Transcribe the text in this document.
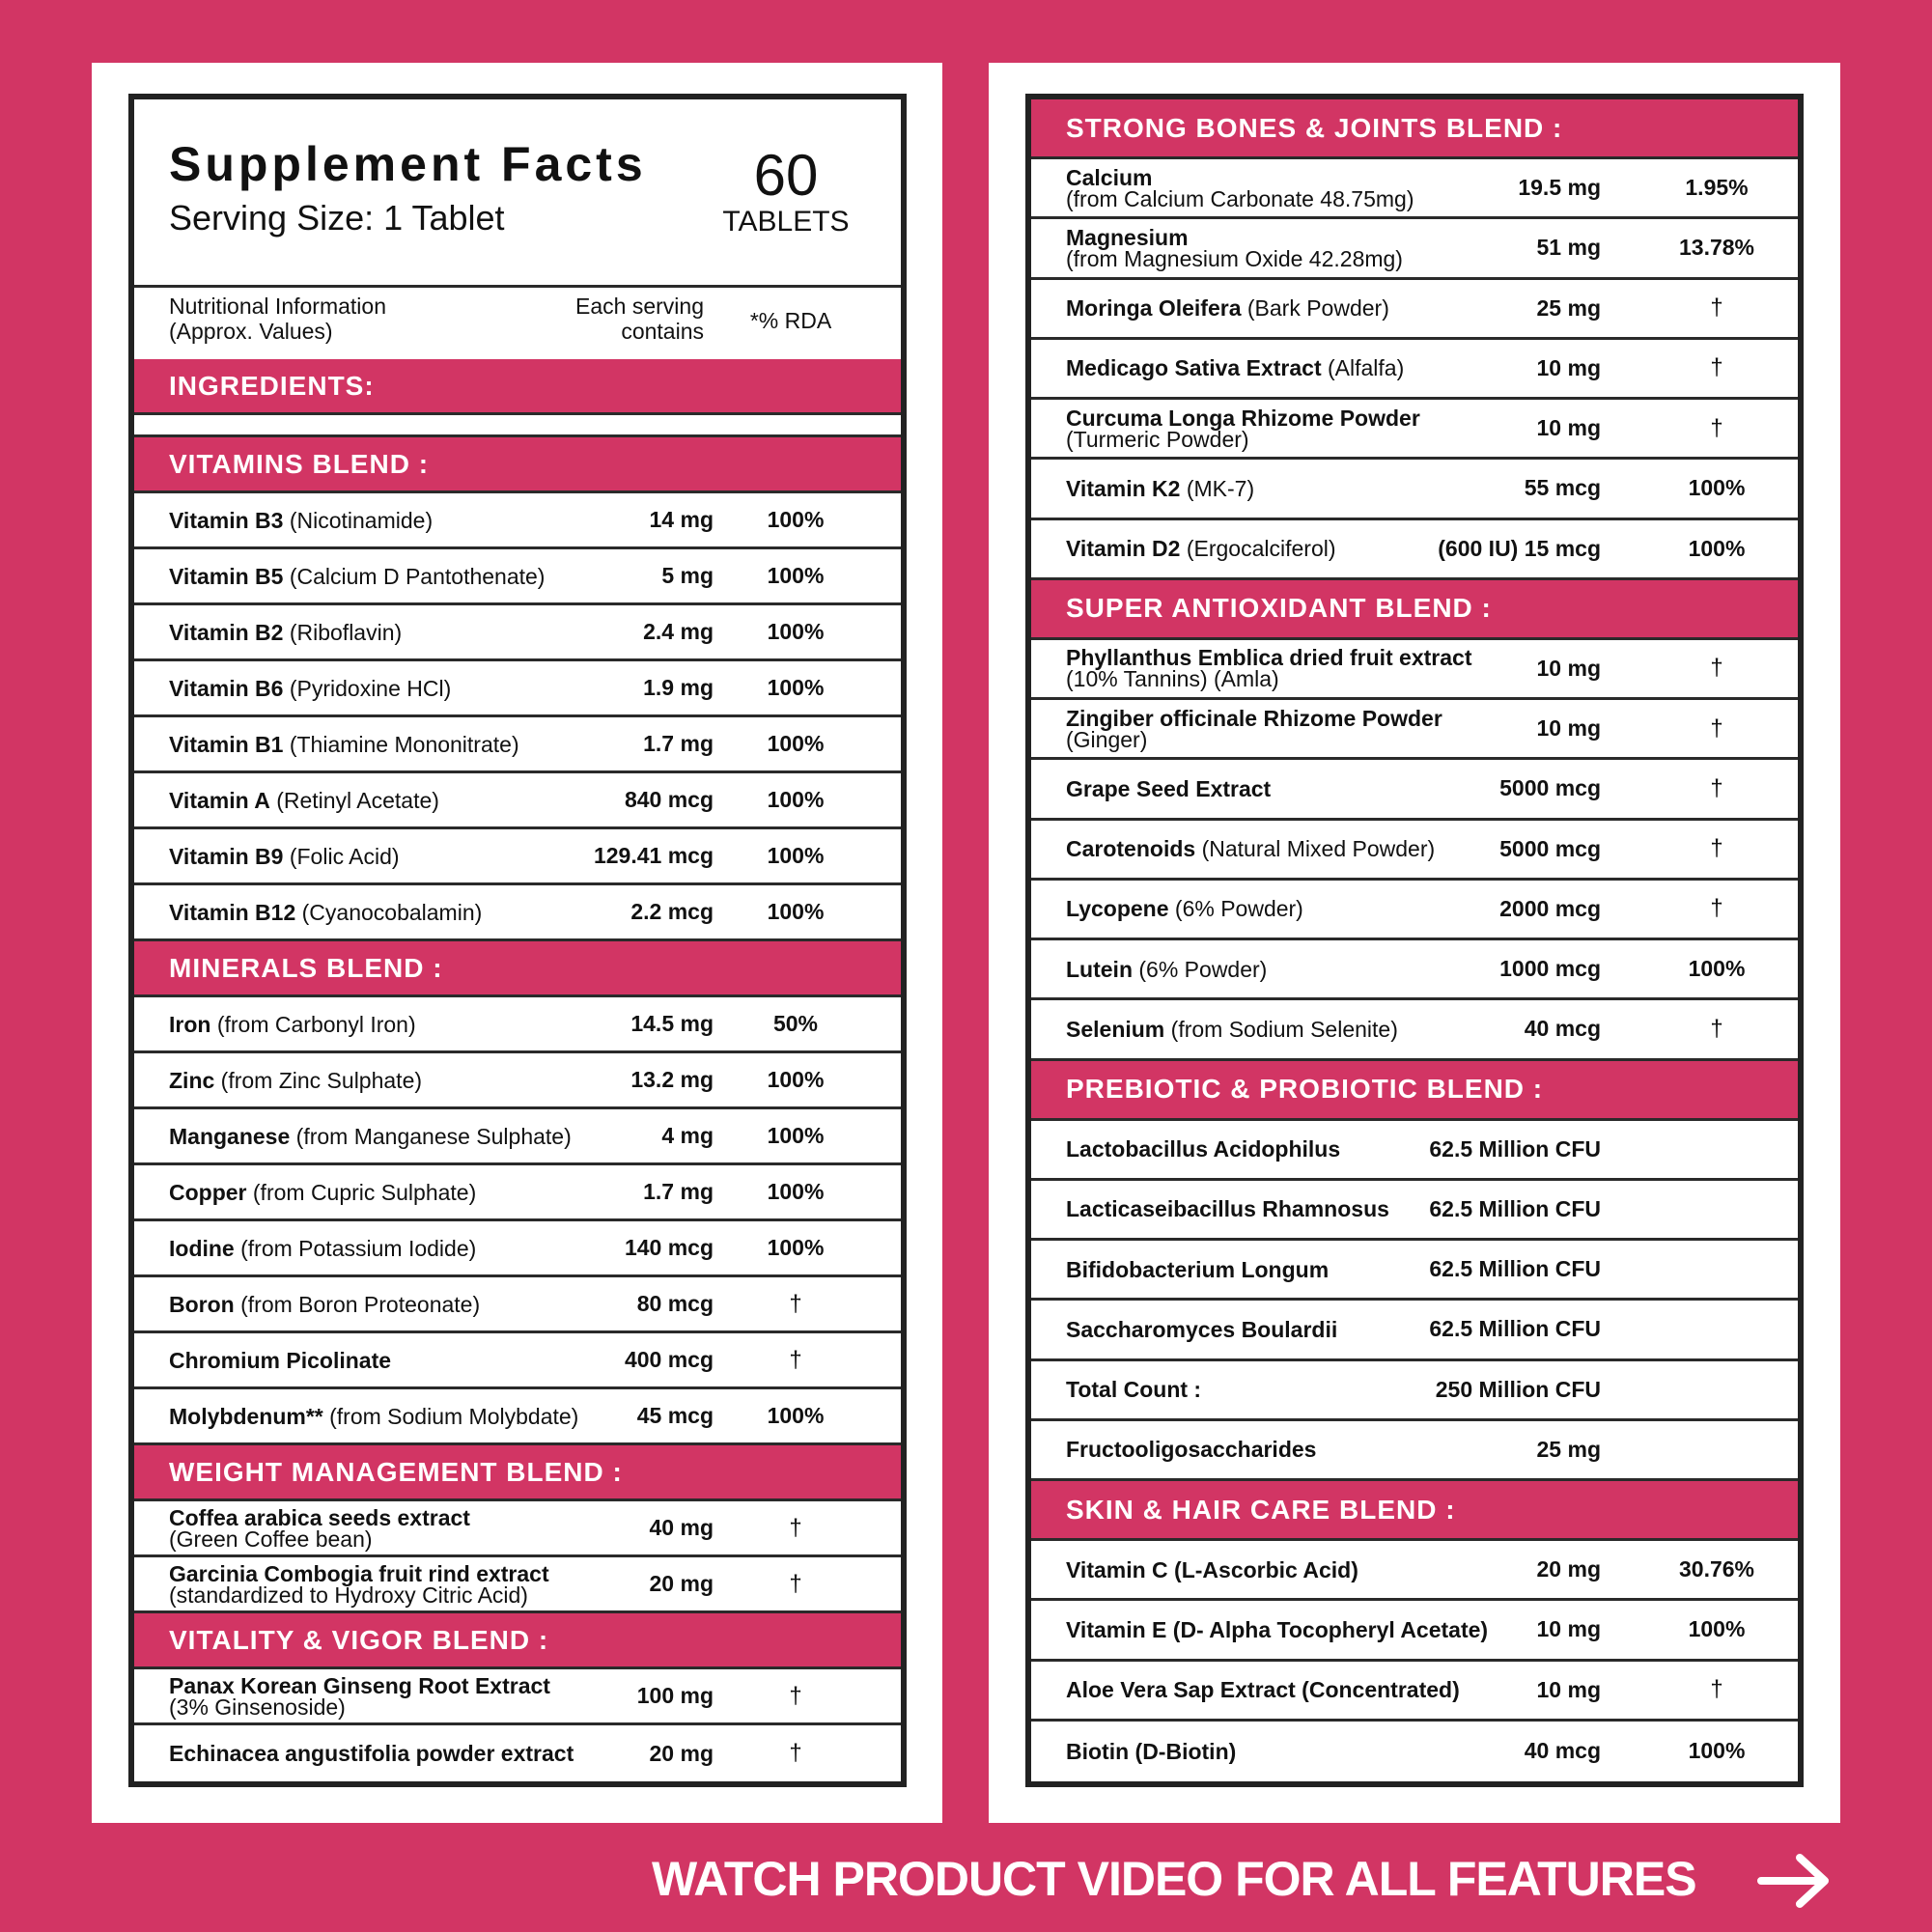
Supplement Facts
Serving Size: 1 Tablet
60
TABLETS
Nutritional Information
(Approx. Values)
Each serving
contains	*% RDA
INGREDIENTS:
VITAMINS BLEND :
Vitamin B3 (Nicotinamide)	14 mg	100%
Vitamin B5 (Calcium D Pantothenate)	5 mg	100%
Vitamin B2 (Riboflavin)	2.4 mg	100%
Vitamin B6 (Pyridoxine HCl)	1.9 mg	100%
Vitamin B1 (Thiamine Mononitrate)	1.7 mg	100%
Vitamin A (Retinyl Acetate)	840 mcg	100%
Vitamin B9 (Folic Acid)	129.41 mcg	100%
Vitamin B12 (Cyanocobalamin)	2.2 mcg	100%
MINERALS BLEND :
Iron (from Carbonyl Iron)	14.5 mg	50%
Zinc (from Zinc Sulphate)	13.2 mg	100%
Manganese (from Manganese Sulphate)	4 mg	100%
Copper (from Cupric Sulphate)	1.7 mg	100%
Iodine (from Potassium Iodide)	140 mcg	100%
Boron (from Boron Proteonate)	80 mcg	†
Chromium Picolinate	400 mcg	†
Molybdenum** (from Sodium Molybdate)	45 mcg	100%
WEIGHT MANAGEMENT BLEND :
Coffea arabica seeds extract
(Green Coffee bean)	40 mg	†
Garcinia Combogia fruit rind extract
(standardized to Hydroxy Citric Acid)	20 mg	†
VITALITY & VIGOR BLEND :
Panax Korean Ginseng Root Extract
(3% Ginsenoside)	100 mg	†
Echinacea angustifolia powder extract	20 mg	†
STRONG BONES & JOINTS BLEND :
Calcium
(from Calcium Carbonate 48.75mg)	19.5 mg	1.95%
Magnesium
(from Magnesium Oxide 42.28mg)	51 mg	13.78%
Moringa Oleifera (Bark Powder)	25 mg	†
Medicago Sativa Extract (Alfalfa)	10 mg	†
Curcuma Longa Rhizome Powder
(Turmeric Powder)	10 mg	†
Vitamin K2 (MK-7)	55 mcg	100%
Vitamin D2 (Ergocalciferol)	(600 IU) 15 mcg	100%
SUPER ANTIOXIDANT BLEND :
Phyllanthus Emblica dried fruit extract
(10% Tannins) (Amla)	10 mg	†
Zingiber officinale Rhizome Powder
(Ginger)	10 mg	†
Grape Seed Extract	5000 mcg	†
Carotenoids (Natural Mixed Powder)	5000 mcg	†
Lycopene (6% Powder)	2000 mcg	†
Lutein (6% Powder)	1000 mcg	100%
Selenium (from Sodium Selenite)	40 mcg	†
PREBIOTIC & PROBIOTIC BLEND :
Lactobacillus Acidophilus	62.5 Million CFU
Lacticaseibacillus Rhamnosus	62.5 Million CFU
Bifidobacterium Longum	62.5 Million CFU
Saccharomyces Boulardii	62.5 Million CFU
Total Count :	250 Million CFU
Fructooligosaccharides	25 mg
SKIN & HAIR CARE BLEND :
Vitamin C (L-Ascorbic Acid)	20 mg	30.76%
Vitamin E (D- Alpha Tocopheryl Acetate)	10 mg	100%
Aloe Vera Sap Extract (Concentrated)	10 mg	†
Biotin (D-Biotin)	40 mcg	100%
WATCH PRODUCT VIDEO FOR ALL FEATURES
